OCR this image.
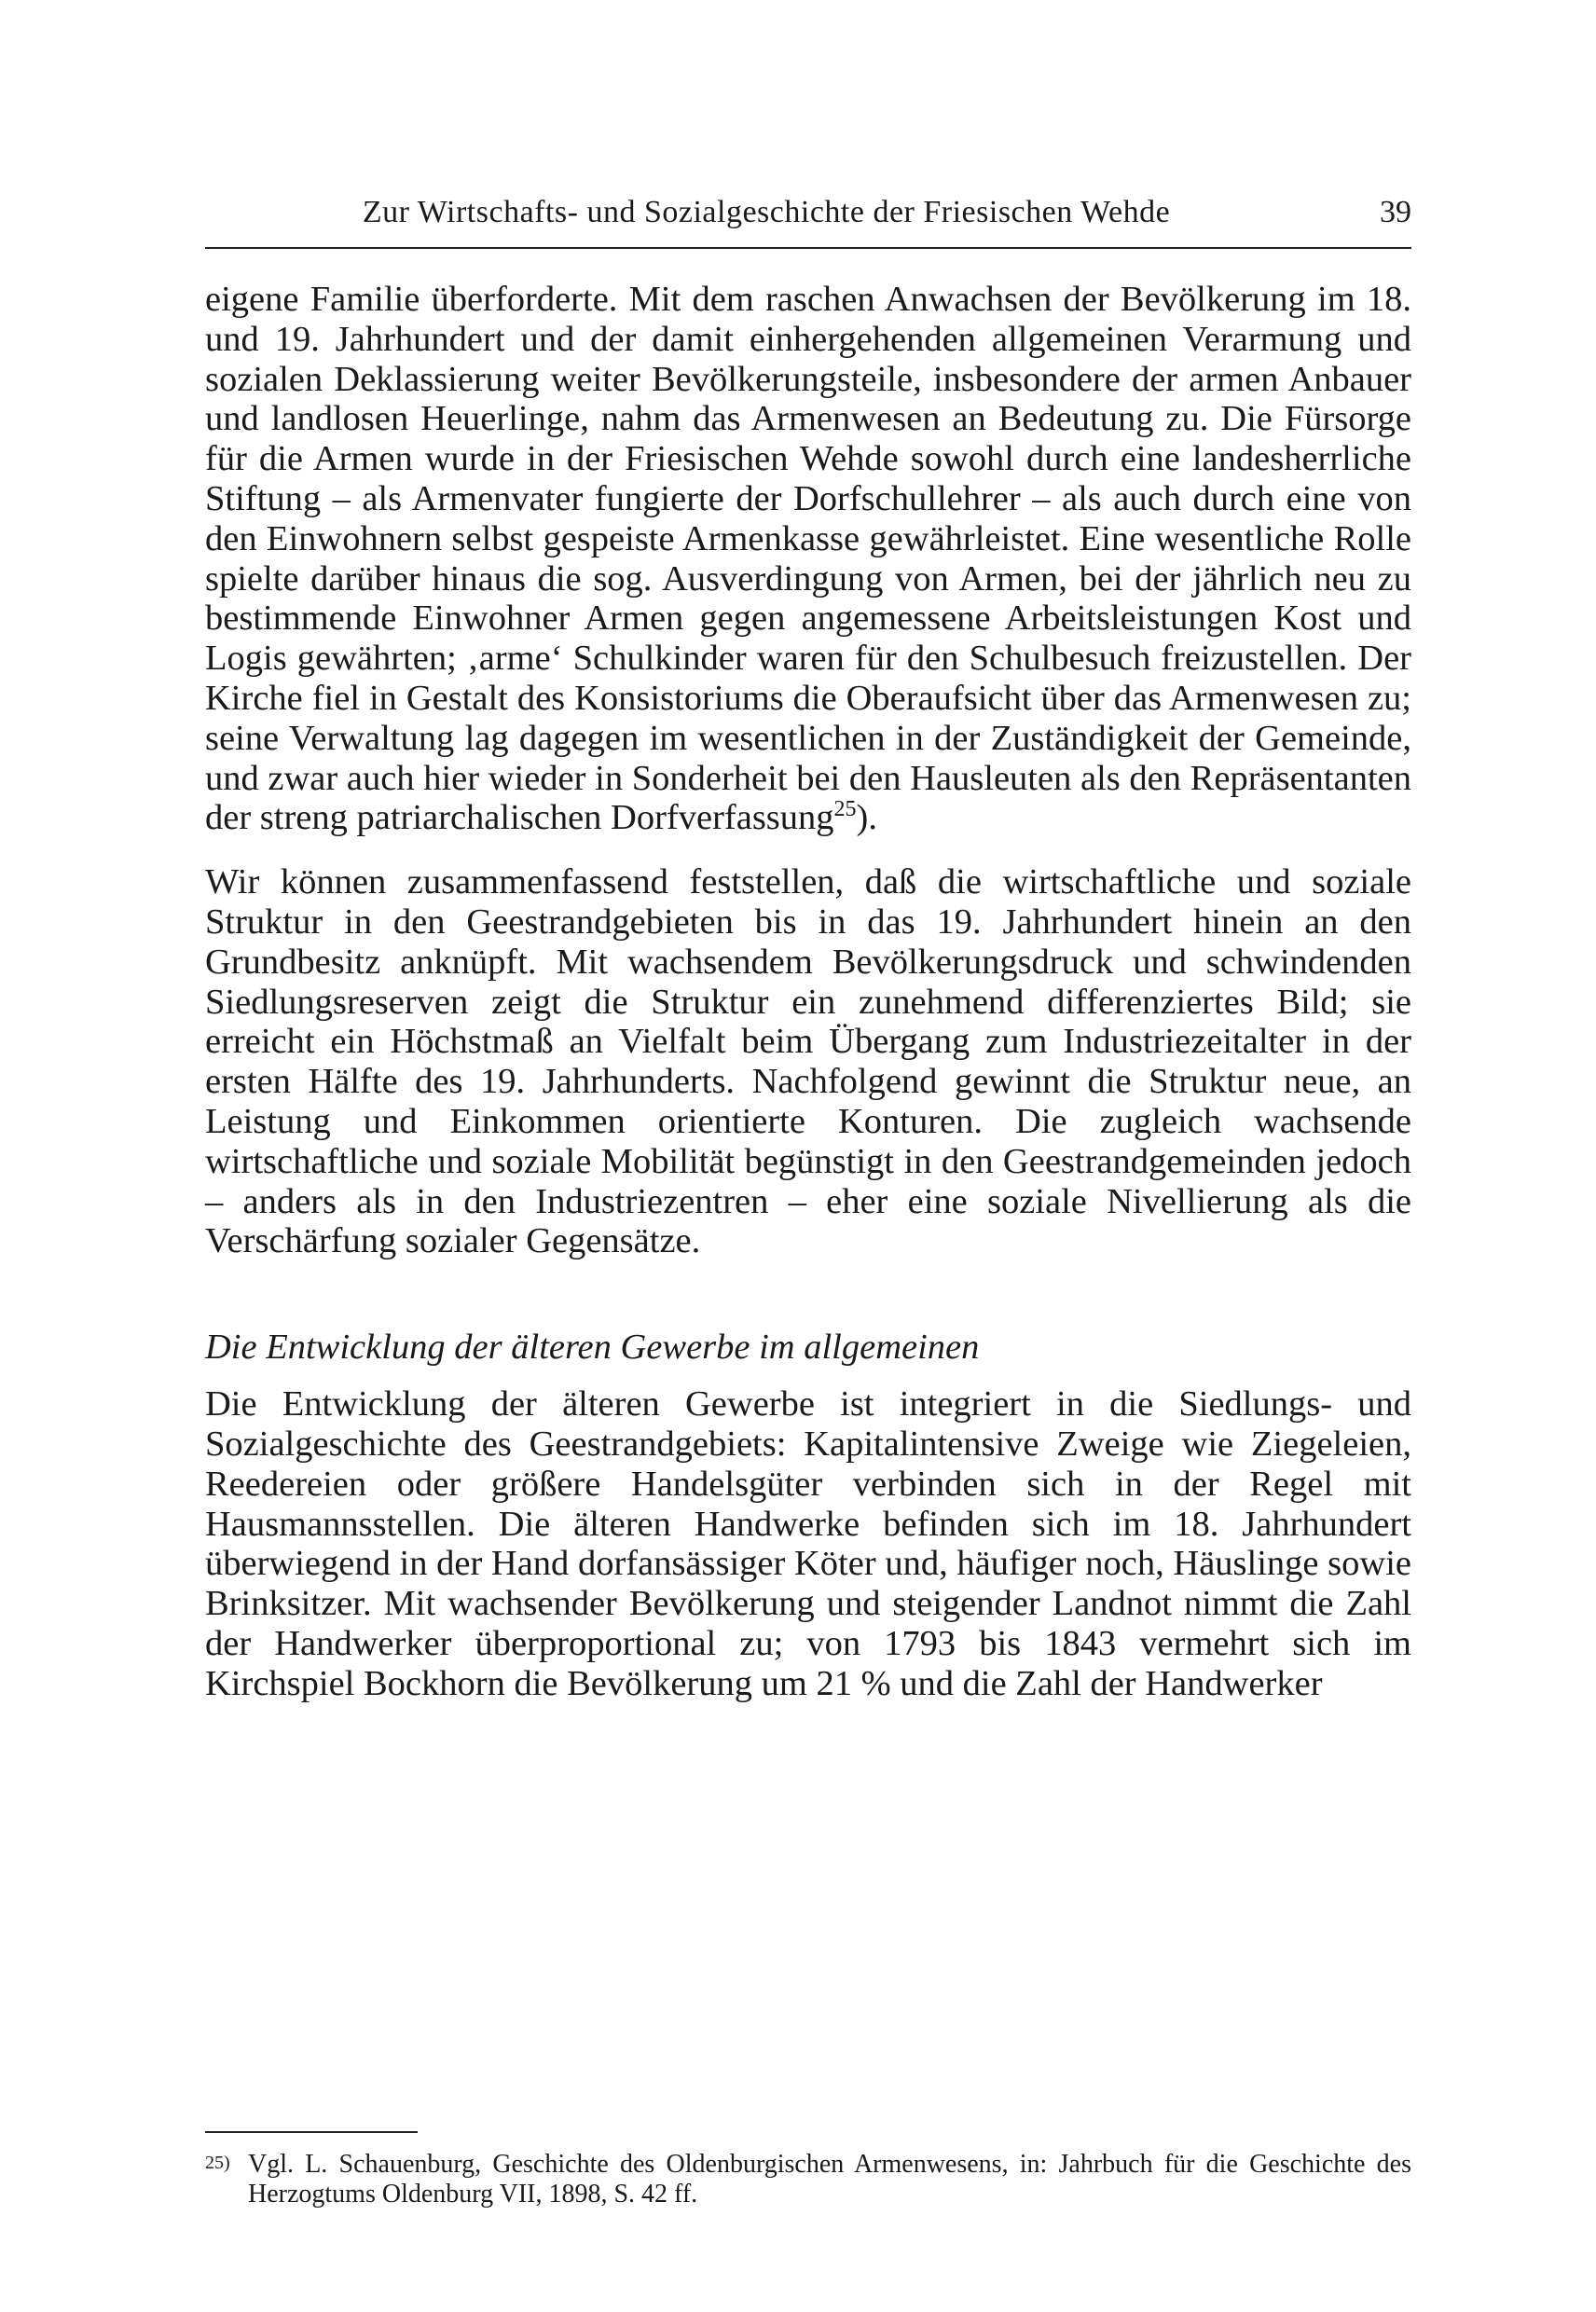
Zur Wirtschafts- und Sozialgeschichte der Friesischen Wehde	39

eigene Familie überforderte. Mit dem raschen Anwachsen der Bevölkerung im 18. und 19. Jahrhundert und der damit einhergehenden allgemeinen Verarmung und sozialen Deklassierung weiter Bevölkerungsteile, insbesondere der armen Anbauer und landlosen Heuerlinge, nahm das Armenwesen an Bedeutung zu. Die Fürsorge für die Armen wurde in der Friesischen Wehde sowohl durch eine landesherrliche Stiftung – als Armenvater fungierte der Dorfschullehrer – als auch durch eine von den Einwohnern selbst gespeiste Armenkasse gewährleistet. Eine wesentliche Rolle spielte darüber hinaus die sog. Ausverdingung von Armen, bei der jährlich neu zu bestimmende Einwohner Armen gegen angemessene Arbeitsleistungen Kost und Logis gewährten; ‚arme‘ Schulkinder waren für den Schulbesuch freizustellen. Der Kirche fiel in Gestalt des Konsistoriums die Oberaufsicht über das Armenwesen zu; seine Verwaltung lag dagegen im wesentlichen in der Zuständigkeit der Gemeinde, und zwar auch hier wieder in Sonderheit bei den Hausleuten als den Repräsentanten der streng patriarchalischen Dorfverfassung$^{25}$).

Wir können zusammenfassend feststellen, daß die wirtschaftliche und soziale Struktur in den Geestrandgebieten bis in das 19. Jahrhundert hinein an den Grundbesitz anknüpft. Mit wachsendem Bevölkerungsdruck und schwindenden Siedlungsreserven zeigt die Struktur ein zunehmend differenziertes Bild; sie erreicht ein Höchstmaß an Vielfalt beim Übergang zum Industriezeitalter in der ersten Hälfte des 19. Jahrhunderts. Nachfolgend gewinnt die Struktur neue, an Leistung und Einkommen orientierte Konturen. Die zugleich wachsende wirtschaftliche und soziale Mobilität begünstigt in den Geestrandgemeinden jedoch – anders als in den Industriezentren – eher eine soziale Nivellierung als die Verschärfung sozialer Gegensätze.

Die Entwicklung der älteren Gewerbe im allgemeinen

Die Entwicklung der älteren Gewerbe ist integriert in die Siedlungs- und Sozialgeschichte des Geestrandgebiets: Kapitalintensive Zweige wie Ziegeleien, Reedereien oder größere Handelsgüter verbinden sich in der Regel mit Hausmannsstellen. Die älteren Handwerke befinden sich im 18. Jahrhundert überwiegend in der Hand dorfansässiger Köter und, häufiger noch, Häuslinge sowie Brinksitzer. Mit wachsender Bevölkerung und steigender Landnot nimmt die Zahl der Handwerker überproportional zu; von 1793 bis 1843 vermehrt sich im Kirchspiel Bockhorn die Bevölkerung um 21 % und die Zahl der Handwerker

25) Vgl. L. Schauenburg, Geschichte des Oldenburgischen Armenwesens, in: Jahrbuch für die Geschichte des Herzogtums Oldenburg VII, 1898, S. 42 ff.
